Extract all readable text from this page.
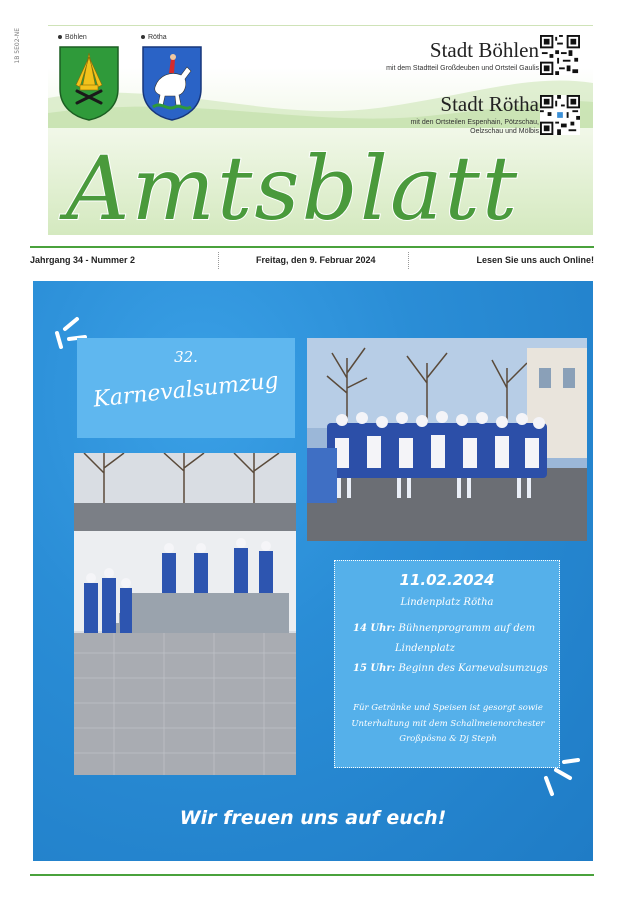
1B 5E02-NE	Böhlen	Rötha
Stadt Böhlen
mit dem Stadtteil Großdeuben und Ortsteil Gaulis
Stadt Rötha
mit den Ortsteilen Espenhain, Pötzschau,
Oelzschau und Mölbis
Amtsblatt
Jahrgang 34 - Nummer 2	Freitag, den 9. Februar 2024	Lesen Sie uns auch Online!
32.
Karnevalsumzug
11.02.2024
Lindenplatz Rötha
14 Uhr: Bühnenprogramm auf dem
Lindenplatz
15 Uhr: Beginn des Karnevalsumzugs
Für Getränke und Speisen ist gesorgt sowie
Unterhaltung mit dem Schallmeienorchester
Großpösna & Dj Steph
Wir freuen uns auf euch!
